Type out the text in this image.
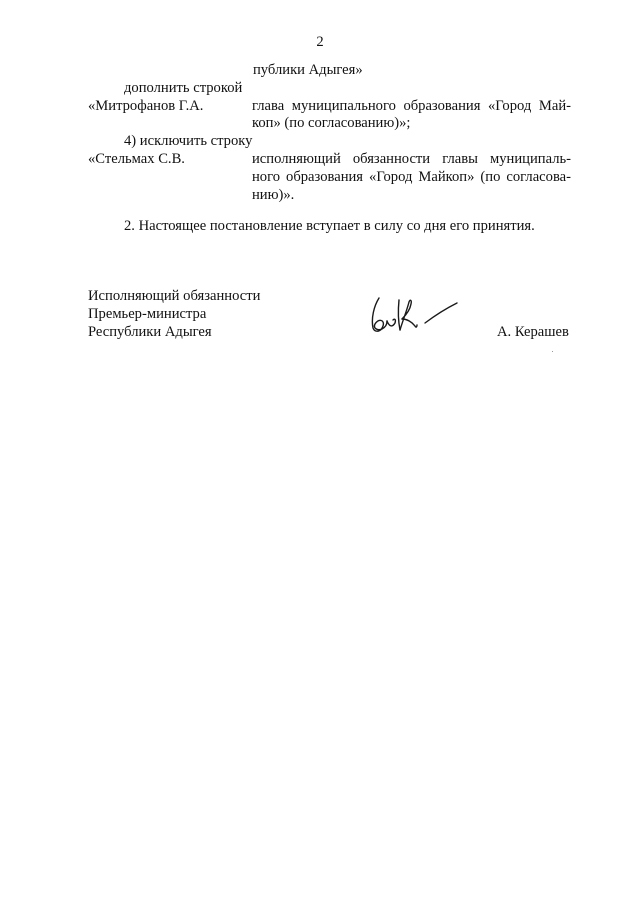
2
публики Адыгея»
дополнить строкой
«Митрофанов Г.А.	глава муниципального образования «Город Май-
коп» (по согласованию)»;
4) исключить строку
«Стельмах С.В.	исполняющий обязанности главы муниципаль-
ного образования «Город Майкоп» (по согласова-
нию)».
2. Настоящее постановление вступает в силу со дня его принятия.
Исполняющий обязанности
Премьер-министра
Республики Адыгея	А. Керашев
